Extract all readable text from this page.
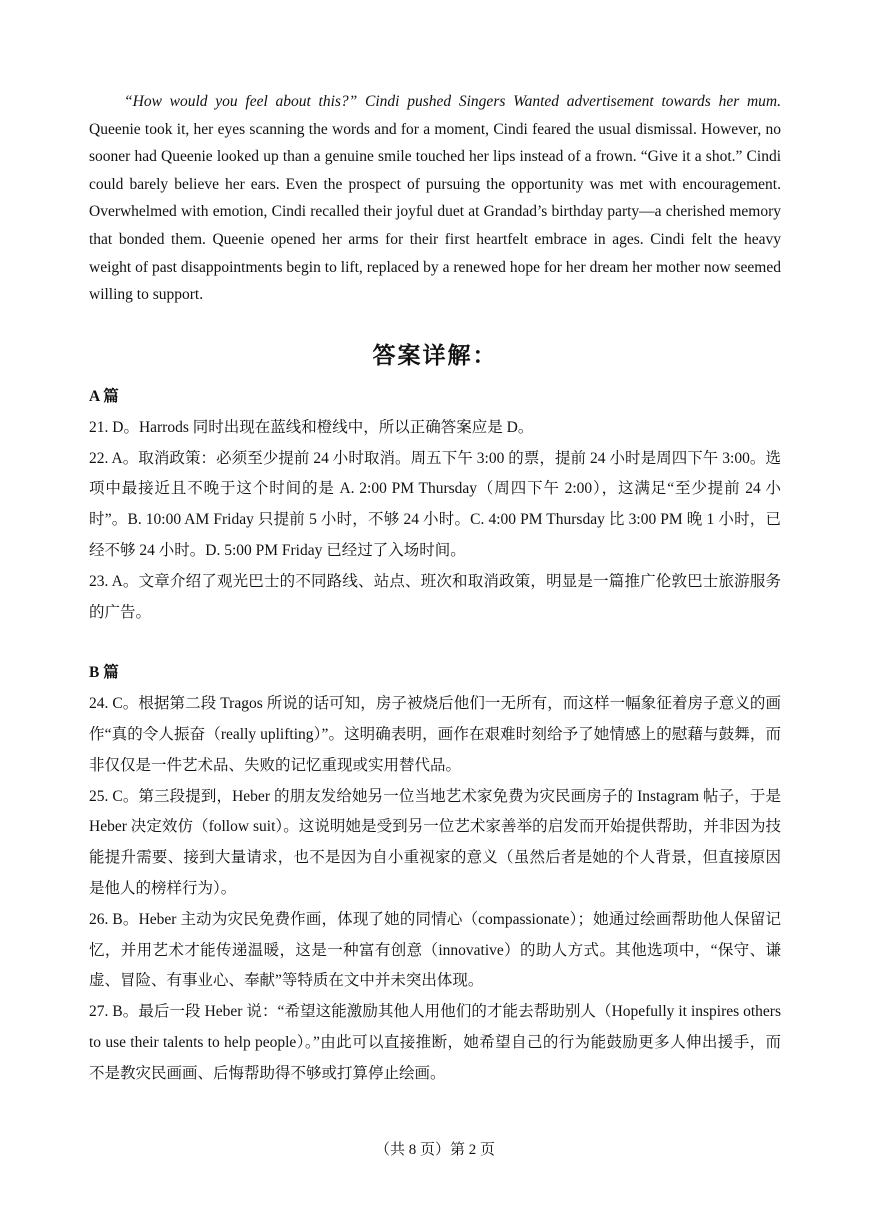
“How would you feel about this?” Cindi pushed Singers Wanted advertisement towards her mum. Queenie took it, her eyes scanning the words and for a moment, Cindi feared the usual dismissal. However, no sooner had Queenie looked up than a genuine smile touched her lips instead of a frown. “Give it a shot.” Cindi could barely believe her ears. Even the prospect of pursuing the opportunity was met with encouragement. Overwhelmed with emotion, Cindi recalled their joyful duet at Grandad’s birthday party—a cherished memory that bonded them. Queenie opened her arms for their first heartfelt embrace in ages. Cindi felt the heavy weight of past disappointments begin to lift, replaced by a renewed hope for her dream her mother now seemed willing to support.

答案详解：

A 篇

21. D。Harrods 同时出现在蓝线和橙线中，所以正确答案应是 D。

22. A。取消政策：必须至少提前 24 小时取消。周五下午 3:00 的票，提前 24 小时是周四下午 3:00。选项中最接近且不晚于这个时间的是 A. 2:00 PM Thursday（周四下午 2:00），这满足“至少提前 24 小时”。B. 10:00 AM Friday 只提前 5 小时，不够 24 小时。C. 4:00 PM Thursday 比 3:00 PM 晚 1 小时，已经不够 24 小时。D. 5:00 PM Friday 已经过了入场时间。

23. A。文章介绍了观光巴士的不同路线、站点、班次和取消政策，明显是一篇推广伦敦巴士旅游服务的广告。

B 篇

24. C。根据第二段 Tragos 所说的话可知，房子被烧后他们一无所有，而这样一幅象征着房子意义的画作“真的令人振奋（really uplifting）”。这明确表明，画作在艰难时刻给予了她情感上的慰藉与鼓舞，而非仅仅是一件艺术品、失败的记忆重现或实用替代品。

25. C。第三段提到，Heber 的朋友发给她另一位当地艺术家免费为灾民画房子的 Instagram 帖子，于是 Heber 决定效仿（follow suit）。这说明她是受到另一位艺术家善举的启发而开始提供帮助，并非因为技能提升需要、接到大量请求，也不是因为自小重视家的意义（虽然后者是她的个人背景，但直接原因是他人的榜样行为）。

26. B。Heber 主动为灾民免费作画，体现了她的同情心（compassionate）；她通过绘画帮助他人保留记忆，并用艺术才能传递温暖，这是一种富有创意（innovative）的助人方式。其他选项中，“保守、谦虚、冒险、有事业心、奉献”等特质在文中并未突出体现。

27. B。最后一段 Heber 说：“希望这能激励其他人用他们的才能去帮助别人（Hopefully it inspires others to use their talents to help people）。”由此可以直接推断，她希望自己的行为能鼓励更多人伸出援手，而不是教灾民画画、后悔帮助得不够或打算停止绘画。

（共 8 页）第 2 页
